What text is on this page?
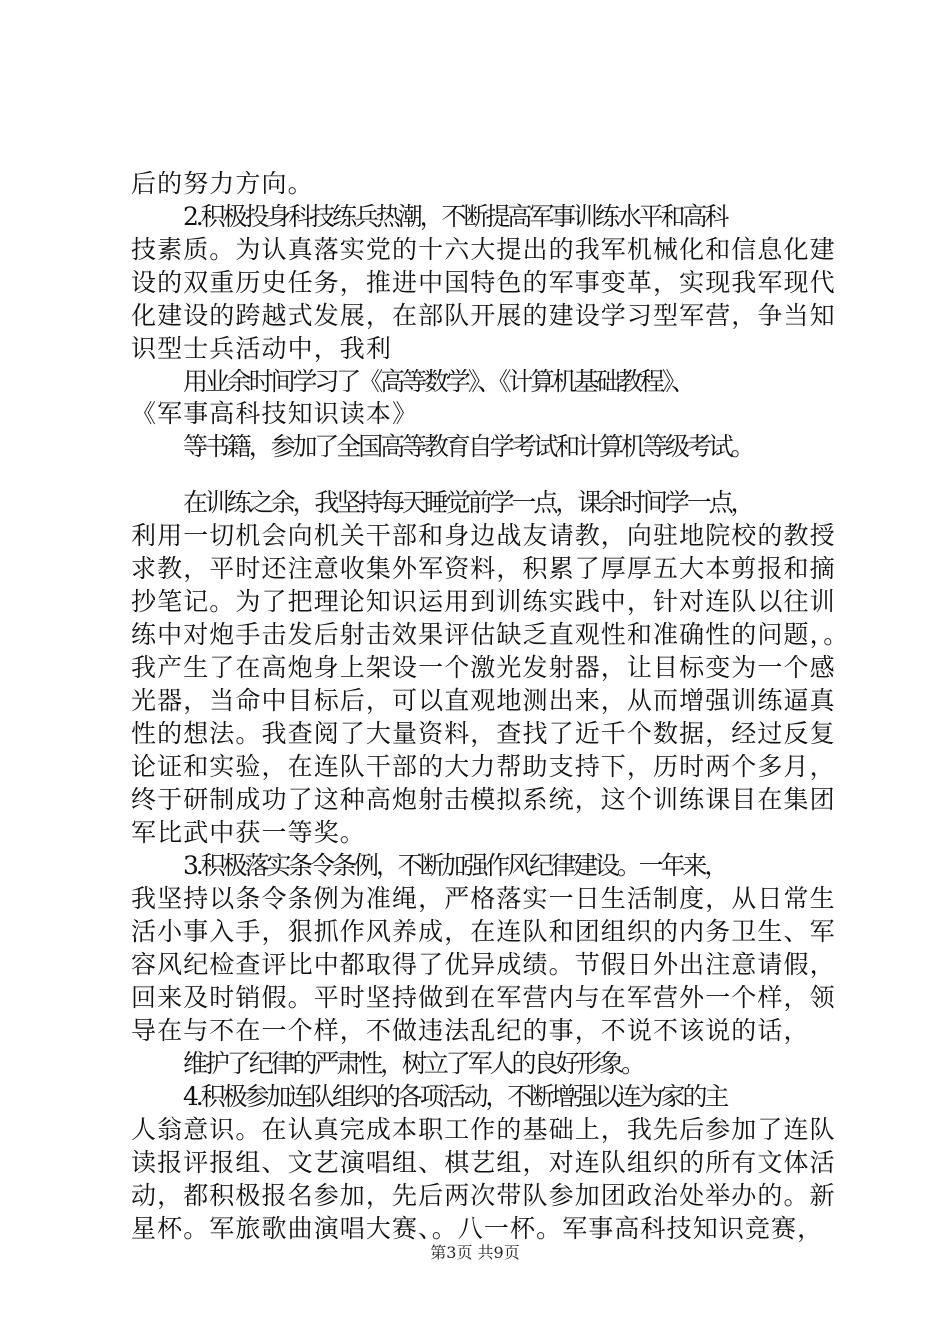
后的努力方向。
2.积极投身科技练兵热潮，不断提高军事训练水平和高科
技素质。为认真落实党的十六大提出的我军机械化和信息化建
设的双重历史任务，推进中国特色的军事变革，实现我军现代
化建设的跨越式发展，在部队开展的建设学习型军营，争当知
识型士兵活动中，我利
用业余时间学习了《高等数学》、《计算机基础教程》、
《军事高科技知识读本》
等书籍，参加了全国高等教育自学考试和计算机等级考试。
在训练之余，我坚持每天睡觉前学一点，课余时间学一点，
利用一切机会向机关干部和身边战友请教，向驻地院校的教授
求教，平时还注意收集外军资料，积累了厚厚五大本剪报和摘
抄笔记。为了把理论知识运用到训练实践中，针对连队以往训
练中对炮手击发后射击效果评估缺乏直观性和准确性的问题，。
我产生了在高炮身上架设一个激光发射器，让目标变为一个感
光器，当命中目标后，可以直观地测出来，从而增强训练逼真
性的想法。我查阅了大量资料，查找了近千个数据，经过反复
论证和实验，在连队干部的大力帮助支持下，历时两个多月，
终于研制成功了这种高炮射击模拟系统，这个训练课目在集团
军比武中获一等奖。
3.积极落实条令条例，不断加强作风纪律建设。一年来，
我坚持以条令条例为准绳，严格落实一日生活制度，从日常生
活小事入手，狠抓作风养成，在连队和团组织的内务卫生、军
容风纪检查评比中都取得了优异成绩。节假日外出注意请假，
回来及时销假。平时坚持做到在军营内与在军营外一个样，领
导在与不在一个样，不做违法乱纪的事，不说不该说的话，
维护了纪律的严肃性，树立了军人的良好形象。
4.积极参加连队组织的各项活动，不断增强以连为家的主
人翁意识。在认真完成本职工作的基础上，我先后参加了连队
读报评报组、文艺演唱组、棋艺组，对连队组织的所有文体活
动，都积极报名参加，先后两次带队参加团政治处举办的。新
星杯。军旅歌曲演唱大赛、。八一杯。军事高科技知识竞赛，
第3页 共9页
